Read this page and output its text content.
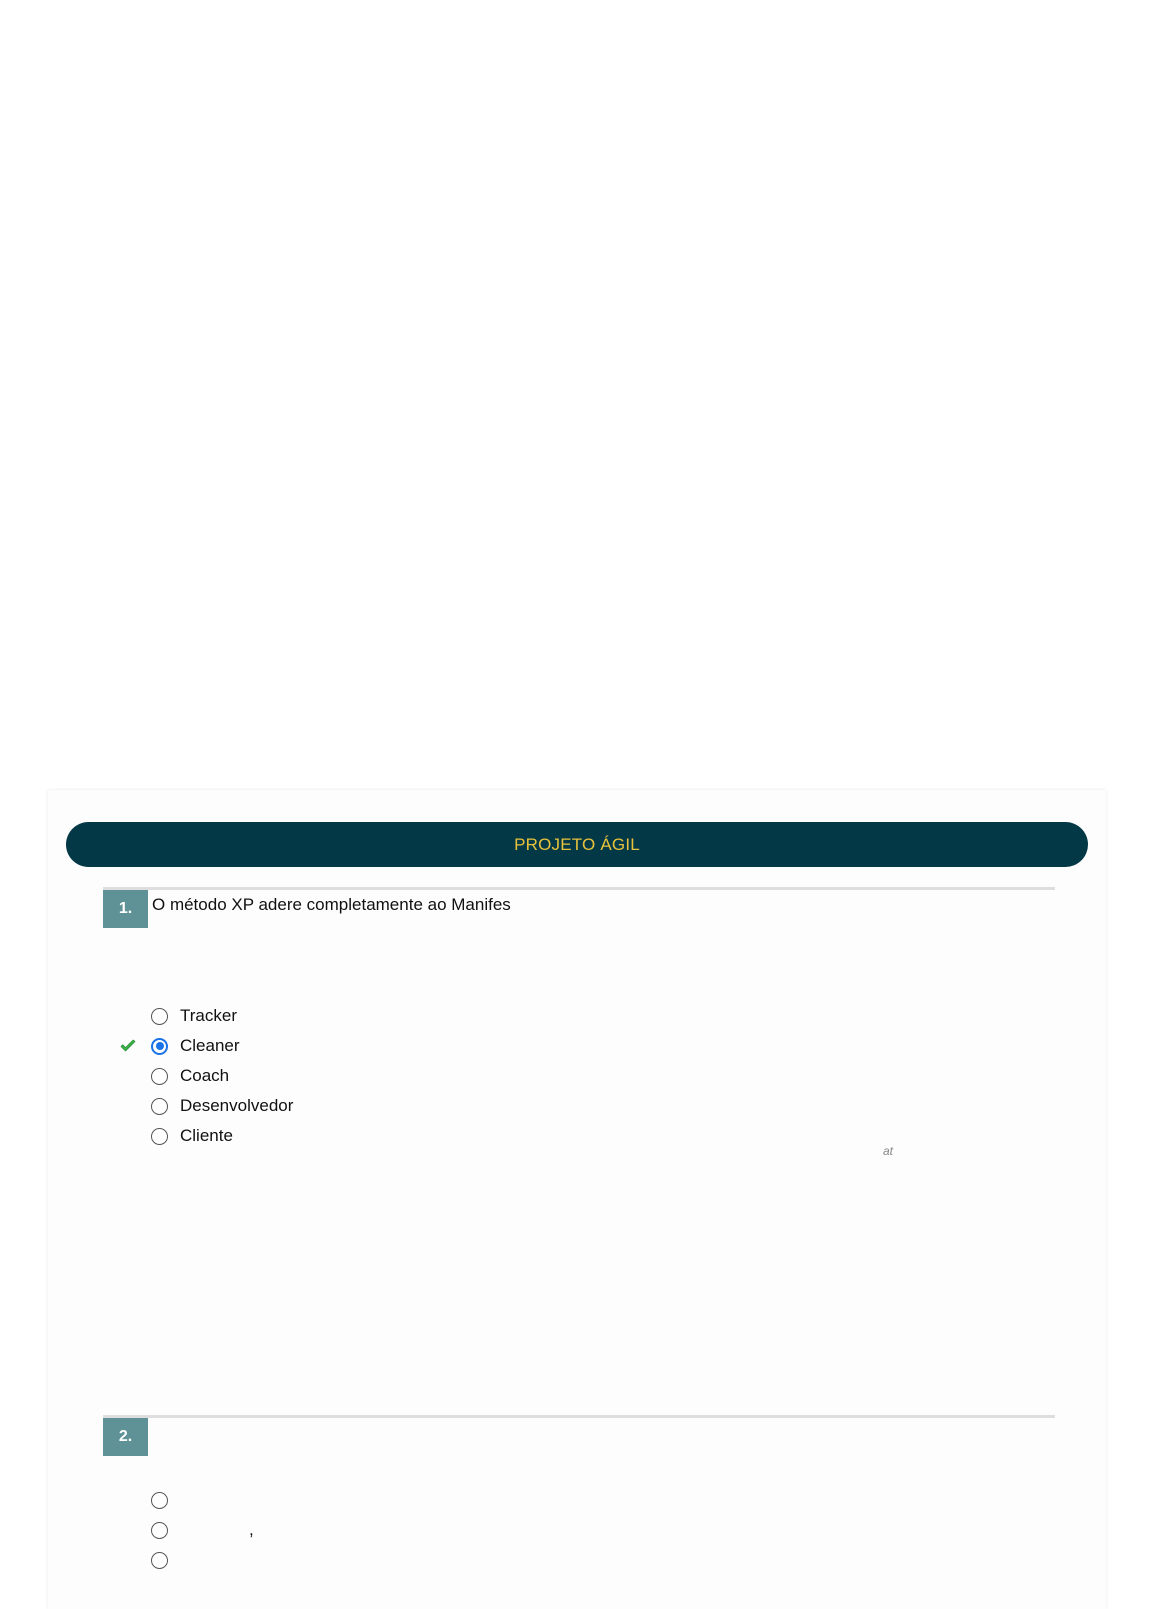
PROJETO ÁGIL
1.	O método XP adere completamente ao Manifes
Tracker
Cleaner
Coach
Desenvolvedor
Cliente
at
2.
,
